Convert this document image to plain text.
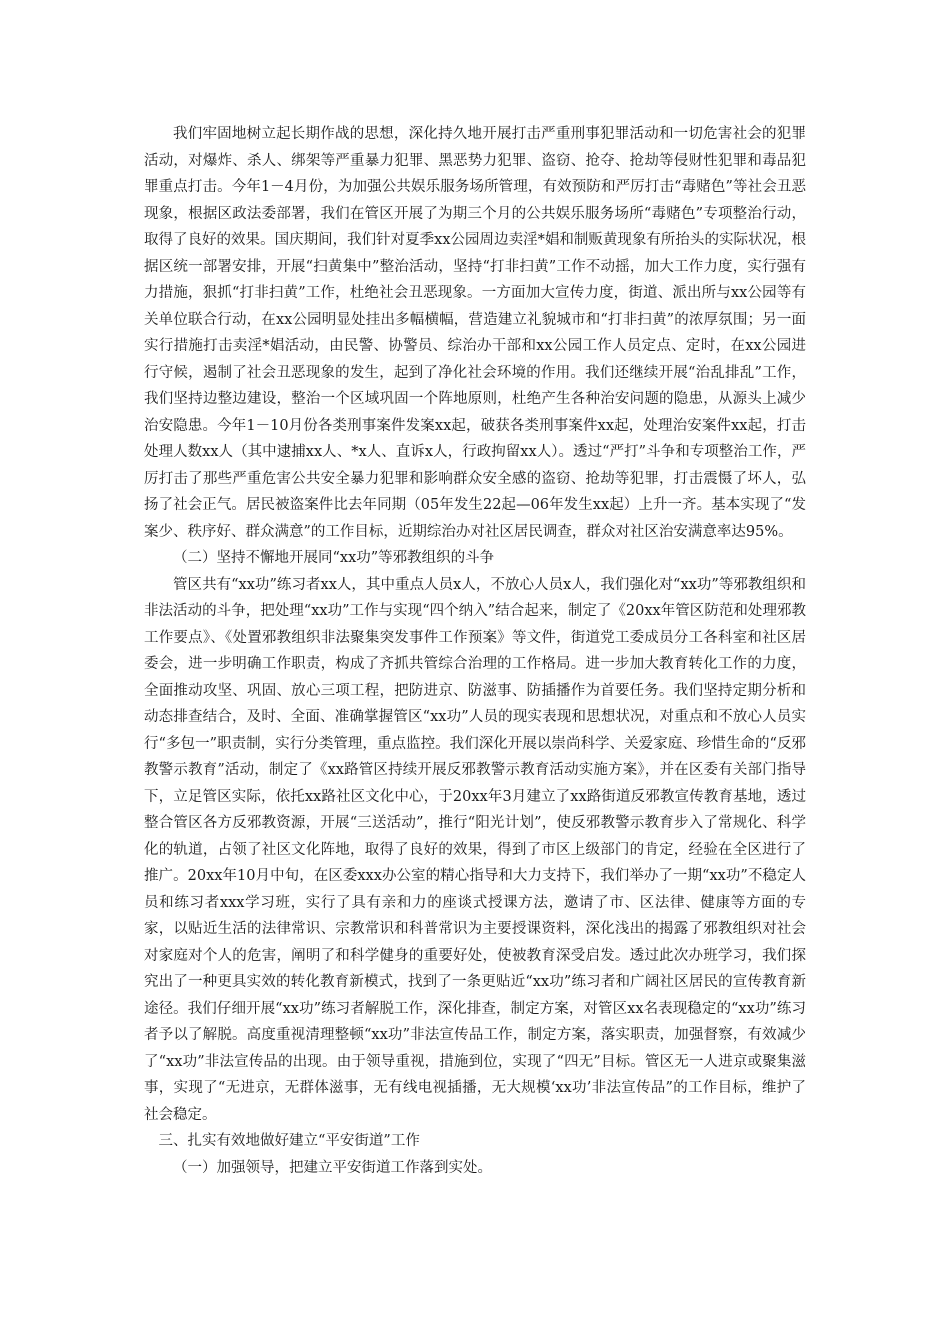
我们牢固地树立起长期作战的思想，深化持久地开展打击严重刑事犯罪活动和一切危害社会的犯罪活动，对爆炸、杀人、绑架等严重暴力犯罪、黑恶势力犯罪、盗窃、抢夺、抢劫等侵财性犯罪和毒品犯罪重点打击。今年1－4月份，为加强公共娱乐服务场所管理，有效预防和严厉打击“毒赌色”等社会丑恶现象，根据区政法委部署，我们在管区开展了为期三个月的公共娱乐服务场所“毒赌色”专项整治行动，取得了良好的效果。国庆期间，我们针对夏季xx公园周边卖淫*娼和制贩黄现象有所抬头的实际状况，根据区统一部署安排，开展“扫黄集中”整治活动，坚持“打非扫黄”工作不动摇，加大工作力度，实行强有力措施，狠抓“打非扫黄”工作，杜绝社会丑恶现象。一方面加大宣传力度，街道、派出所与xx公园等有关单位联合行动，在xx公园明显处挂出多幅横幅，营造建立礼貌城市和“打非扫黄”的浓厚氛围；另一面实行措施打击卖淫*娼活动，由民警、协警员、综治办干部和xx公园工作人员定点、定时，在xx公园进行守候，遏制了社会丑恶现象的发生，起到了净化社会环境的作用。我们还继续开展“治乱排乱”工作，我们坚持边整边建设，整治一个区域巩固一个阵地原则，杜绝产生各种治安问题的隐患，从源头上减少治安隐患。今年1－10月份各类刑事案件发案xx起，破获各类刑事案件xx起，处理治安案件xx起，打击处理人数xx人（其中逮捕xx人、*x人、直诉x人，行政拘留xx人）。透过“严打”斗争和专项整治工作，严厉打击了那些严重危害公共安全暴力犯罪和影响群众安全感的盗窃、抢劫等犯罪，打击震慑了坏人，弘扬了社会正气。居民被盗案件比去年同期（05年发生22起—06年发生xx起）上升一齐。基本实现了“发案少、秩序好、群众满意”的工作目标，近期综治办对社区居民调查，群众对社区治安满意率达95%。

（二）坚持不懈地开展同“xx功”等邪教组织的斗争

管区共有“xx功”练习者xx人，其中重点人员x人，不放心人员x人，我们强化对“xx功”等邪教组织和非法活动的斗争，把处理“xx功”工作与实现“四个纳入”结合起来，制定了《20xx年管区防范和处理邪教工作要点》、《处置邪教组织非法聚集突发事件工作预案》等文件，街道党工委成员分工各科室和社区居委会，进一步明确工作职责，构成了齐抓共管综合治理的工作格局。进一步加大教育转化工作的力度，全面推动攻坚、巩固、放心三项工程，把防进京、防滋事、防插播作为首要任务。我们坚持定期分析和动态排查结合，及时、全面、准确掌握管区“xx功”人员的现实表现和思想状况，对重点和不放心人员实行“多包一”职责制，实行分类管理，重点监控。我们深化开展以崇尚科学、关爱家庭、珍惜生命的“反邪教警示教育”活动，制定了《xx路管区持续开展反邪教警示教育活动实施方案》，并在区委有关部门指导下，立足管区实际，依托xx路社区文化中心，于20xx年3月建立了xx路街道反邪教宣传教育基地，透过整合管区各方反邪教资源，开展“三送活动”，推行“阳光计划”，使反邪教警示教育步入了常规化、科学化的轨道，占领了社区文化阵地，取得了良好的效果，得到了市区上级部门的肯定，经验在全区进行了推广。20xx年10月中旬，在区委xxx办公室的精心指导和大力支持下，我们举办了一期“xx功”不稳定人员和练习者xxx学习班，实行了具有亲和力的座谈式授课方法，邀请了市、区法律、健康等方面的专家，以贴近生活的法律常识、宗教常识和科普常识为主要授课资料，深化浅出的揭露了邪教组织对社会对家庭对个人的危害，阐明了和科学健身的重要好处，使被教育深受启发。透过此次办班学习，我们探究出了一种更具实效的转化教育新模式，找到了一条更贴近“xx功”练习者和广阔社区居民的宣传教育新途径。我们仔细开展“xx功”练习者解脱工作，深化排查，制定方案，对管区xx名表现稳定的“xx功”练习者予以了解脱。高度重视清理整顿“xx功”非法宣传品工作，制定方案，落实职责，加强督察，有效减少了“xx功”非法宣传品的出现。由于领导重视，措施到位，实现了“四无”目标。管区无一人进京或聚集滋事，实现了“无进京，无群体滋事，无有线电视插播，无大规模‘xx功’非法宣传品”的工作目标，维护了社会稳定。

三、扎实有效地做好建立“平安街道”工作

（一）加强领导，把建立平安街道工作落到实处。
